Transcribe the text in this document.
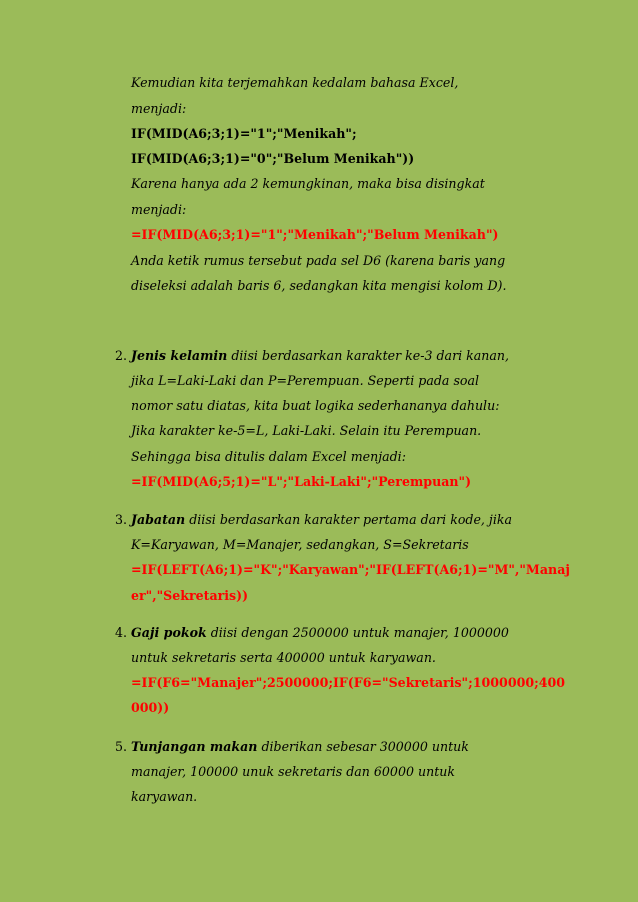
Kemudian kita terjemahkan kedalam bahasa Excel,
menjadi:
IF(MID(A6;3;1)="1";"Menikah";
IF(MID(A6;3;1)="0";"Belum Menikah"))
Karena hanya ada 2 kemungkinan, maka bisa disingkat
menjadi:
=IF(MID(A6;3;1)="1";"Menikah";"Belum Menikah")
Anda ketik rumus tersebut pada sel D6 (karena baris yang
diseleksi adalah baris 6, sedangkan kita mengisi kolom D).
2. Jenis kelamin diisi berdasarkan karakter ke-3 dari kanan,
jika L=Laki-Laki dan P=Perempuan. Seperti pada soal
nomor satu diatas, kita buat logika sederhananya dahulu:
Jika karakter ke-5=L, Laki-Laki. Selain itu Perempuan.
Sehingga bisa ditulis dalam Excel menjadi:
=IF(MID(A6;5;1)="L";"Laki-Laki";"Perempuan")
3. Jabatan diisi berdasarkan karakter pertama dari kode, jika
K=Karyawan, M=Manajer, sedangkan, S=Sekretaris
=IF(LEFT(A6;1)="K";"Karyawan";"IF(LEFT(A6;1)="M","Manaj
er","Sekretaris))
4. Gaji pokok diisi dengan 2500000 untuk manajer, 1000000
untuk sekretaris serta 400000 untuk karyawan.
=IF(F6="Manajer";2500000;IF(F6="Sekretaris";1000000;400
000))
5. Tunjangan makan diberikan sebesar 300000 untuk
manajer, 100000 unuk sekretaris dan 60000 untuk
karyawan.
